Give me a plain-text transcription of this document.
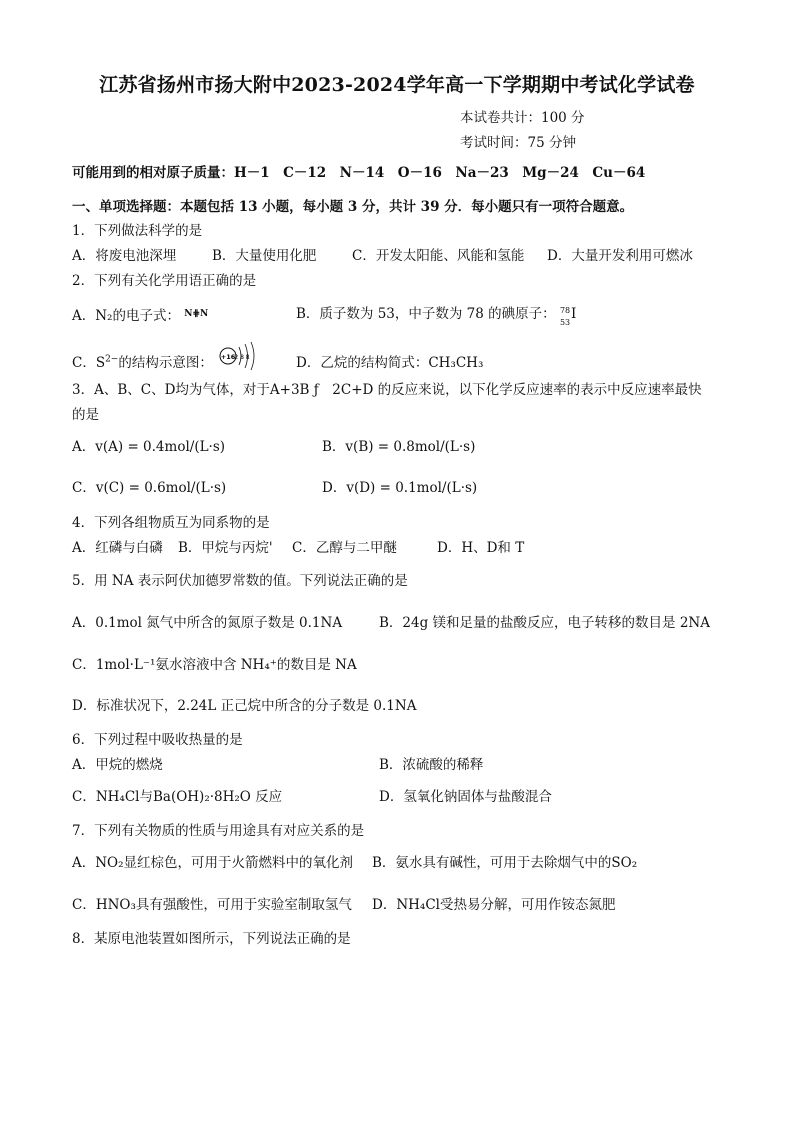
江苏省扬州市扬大附中2023-2024学年高一下学期期中考试化学试卷
本试卷共计：100 分
考试时间：75 分钟
可能用到的相对原子质量：H－1　C－12　N－14　O－16　Na－23　Mg－24　Cu－64
一、单项选择题：本题包括 13 小题，每小题 3 分，共计 39 分．每小题只有一项符合题意。
1．下列做法科学的是
A．将废电池深埋	B．大量使用化肥	C．开发太阳能、风能和氢能 D．大量开发利用可燃冰
2．下列有关化学用语正确的是
A．N₂的电子式： $^{N⋕N}$	B．质子数为 53，中子数为 78 的碘原子： 78
53
I
C．$S^{2-}$的结构示意图： +16 2 8 8	D．乙烷的结构简式：CH₃CH₃
3．A、B、C、D均为气体，对于A+3B ƒ　2C+D 的反应来说，以下化学反应速率的表示中反应速率最快
的是
A．v(A) = 0.4mol/(L·s)	B．v(B) = 0.8mol/(L·s)
C．v(C) = 0.6mol/(L·s)	D．v(D) = 0.1mol/(L·s)
4．下列各组物质互为同系物的是
A．红磷与白磷 B．甲烷与丙烷' C．乙醇与二甲醚	D．H、D和 T
5．用 NA 表示阿伏加德罗常数的值。下列说法正确的是
A．0.1mol 氮气中所含的氮原子数是 0.1NA	B．24g 镁和足量的盐酸反应，电子转移的数目是 2NA
C．1mol·L⁻¹氨水溶液中含 NH₄⁺的数目是 NA
D．标准状况下，2.24L 正己烷中所含的分子数是 0.1NA
6．下列过程中吸收热量的是
A．甲烷的燃烧	B．浓硫酸的稀释
C．NH₄Cl与Ba(OH)₂·8H₂O 反应	D．氢氧化钠固体与盐酸混合
7．下列有关物质的性质与用途具有对应关系的是
A．NO₂显红棕色，可用于火箭燃料中的氧化剂 B．氨水具有碱性，可用于去除烟气中的SO₂
C．HNO₃具有强酸性，可用于实验室制取氢气 D．NH₄Cl受热易分解，可用作铵态氮肥
8．某原电池装置如图所示，下列说法正确的是
